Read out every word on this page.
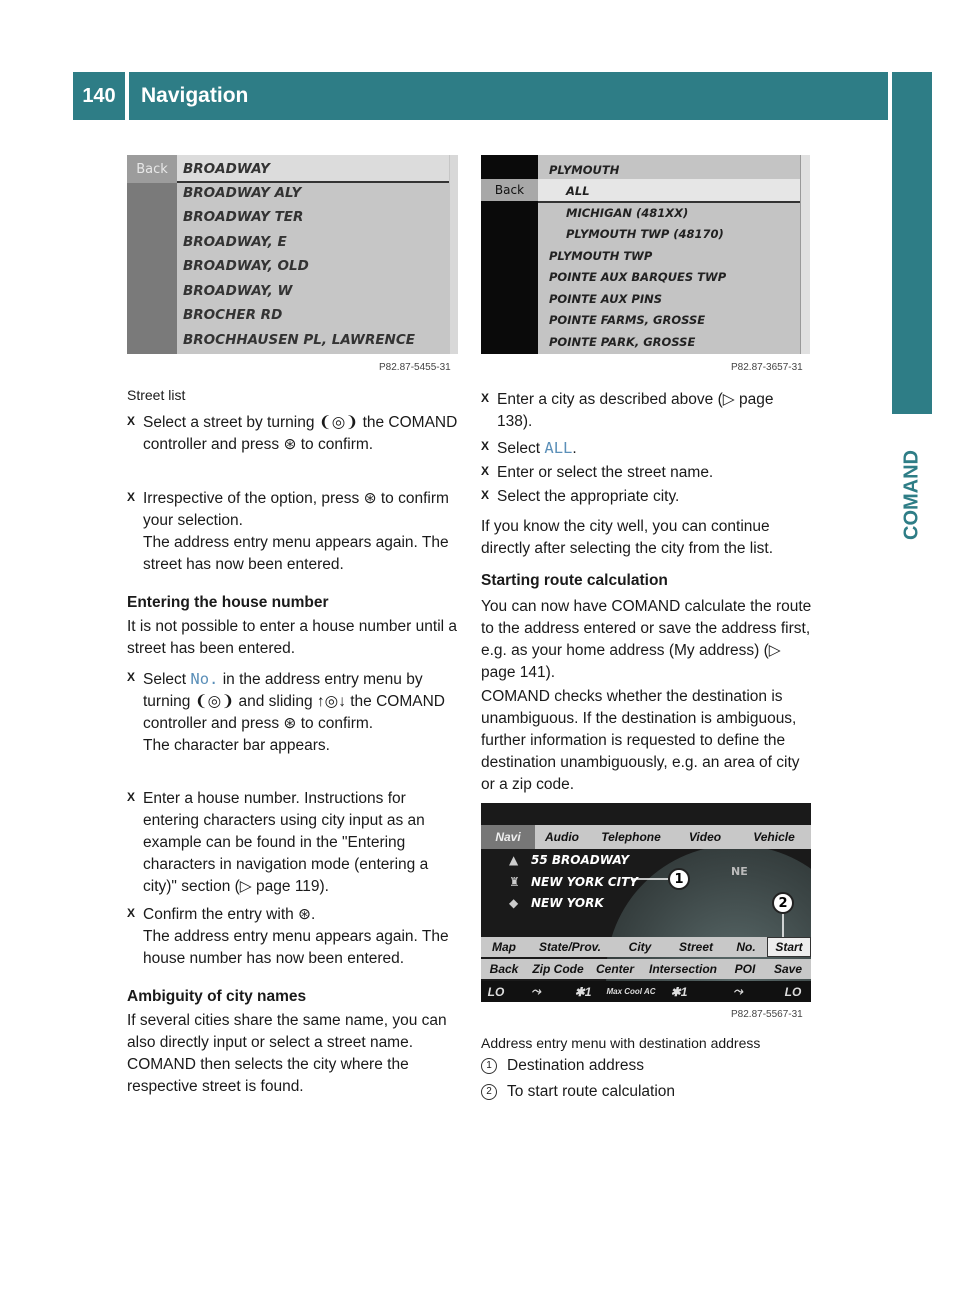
140	Navigation
COMAND
Back	BROADWAY
BROADWAY ALY
BROADWAY TER
BROADWAY, E
BROADWAY, OLD
BROADWAY, W
BROCHER RD
BROCHHAUSEN PL, LAWRENCE
P82.87-5455-31
Street list
Back
PLYMOUTH
ALL
MICHIGAN (481XX)
PLYMOUTH TWP (48170)
PLYMOUTH TWP
POINTE AUX BARQUES TWP
POINTE AUX PINS
POINTE FARMS, GROSSE
POINTE PARK, GROSSE
P82.87-3657-31
X Select a street by turning ❨◎❩ the COMAND controller and press ⊛ to confirm.
X Irrespective of the option, press ⊛ to confirm your selection.
The address entry menu appears again. The street has now been entered.
Entering the house number
It is not possible to enter a house number until a street has been entered.
X Select No. in the address entry menu by turning ❨◎❩ and sliding ↑◎↓ the COMAND controller and press ⊛ to confirm.
The character bar appears.
X Enter a house number. Instructions for entering characters using city input as an example can be found in the "Entering characters in navigation mode (entering a city)" section (▷ page 119).
X Confirm the entry with ⊛.
The address entry menu appears again. The house number has now been entered.
Ambiguity of city names
If several cities share the same name, you can also directly input or select a street name. COMAND then selects the city where the respective street is found.
X Enter a city as described above (▷ page 138).
X Select ALL.
X Enter or select the street name.
X Select the appropriate city.
If you know the city well, you can continue directly after selecting the city from the list.
Starting route calculation
You can now have COMAND calculate the route to the address entered or save the address first, e.g. as your home address (My address) (▷ page 141).
COMAND checks whether the destination is unambiguous. If the destination is ambiguous, further information is requested to define the destination unambiguously, e.g. an area of city or a zip code.
Navi	Audio	Telephone	Video	Vehicle
▲ 55 BROADWAY
♜ NEW YORK CITY
◆ NEW YORK
NE
1
2
Map	State/Prov.	City	Street	No.	Start
Back	Zip Code	Center	Intersection	POI	Save
LO	⤳	✱ 1 Max Cool AC ✱ 1	⤳	LO
P82.87-5567-31
Address entry menu with destination address
1 Destination address
2 To start route calculation
